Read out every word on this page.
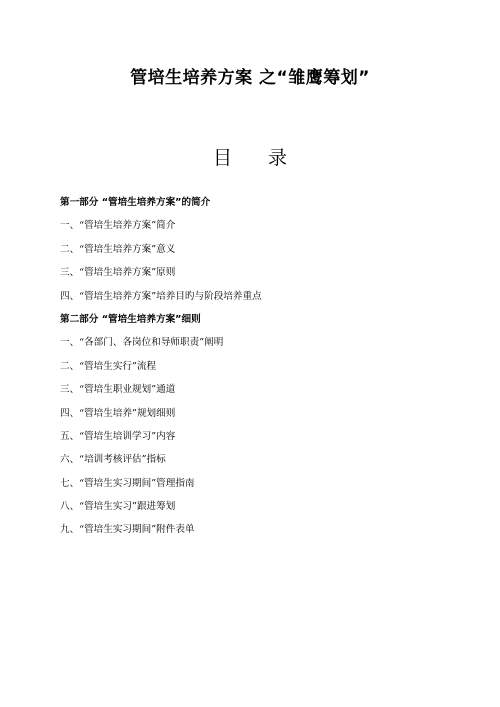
管培生培养方案 之“雏鹰筹划”
目 录
第一部分 “管培生培养方案”的简介
一、“管培生培养方案”简介
二、“管培生培养方案”意义
三、“管培生培养方案”原则
四、“管培生培养方案”培养目旳与阶段培养重点
第二部分 “管培生培养方案”细则
一、“各部门、各岗位和导师职责”阐明
二、“管培生实行”流程
三、“管培生职业规划”通道
四、“管培生培养”规划细则
五、“管培生培训学习”内容
六、“培训考核评估”指标
七、“管培生实习期间”管理指南
八、“管培生实习”跟进筹划
九、“管培生实习期间”附件表单
